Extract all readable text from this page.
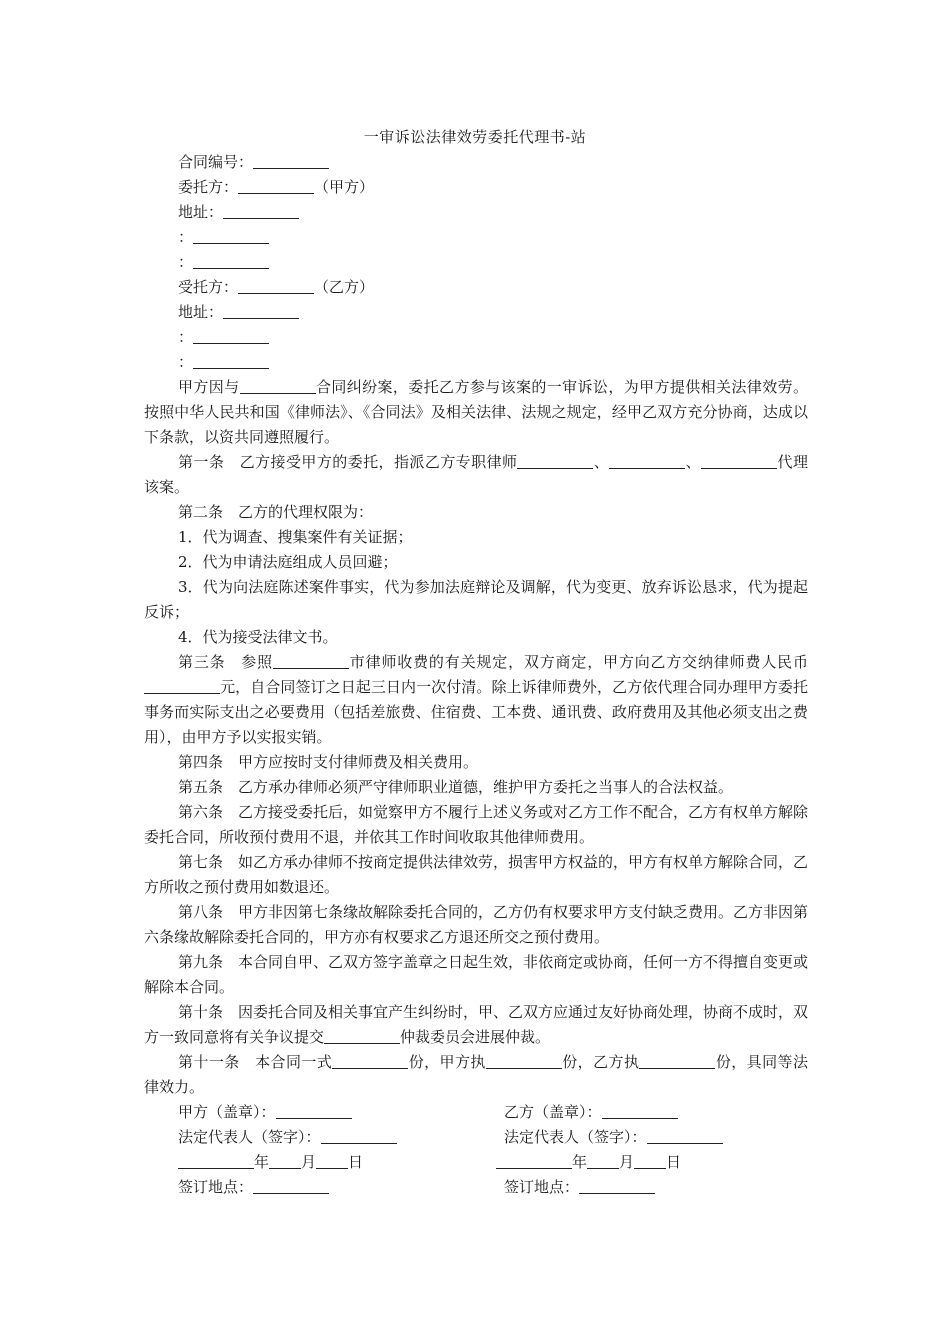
一审诉讼法律效劳委托代理书-站
合同编号：
委托方：	（甲方）
地址：
：
：
受托方：	（乙方）
地址：
：
：
甲方因与	合同纠纷案，委托乙方参与该案的一审诉讼，为甲方提供相关法律效劳。按照中华人民共和国《律师法》、《合同法》及相关法律、法规之规定，经甲乙双方充分协商，达成以下条款，以资共同遵照履行。
第一条　乙方接受甲方的委托，指派乙方专职律师	、	、	代理该案。
第二条　乙方的代理权限为：
1．代为调查、搜集案件有关证据；
2．代为申请法庭组成人员回避；
3．代为向法庭陈述案件事实，代为参加法庭辩论及调解，代为变更、放弃诉讼恳求，代为提起反诉；
4．代为接受法律文书。
第三条　参照	市律师收费的有关规定，双方商定，甲方向乙方交纳律师费人民币元，自合同签订之日起三日内一次付清。除上诉律师费外，乙方依代理合同办理甲方委托事务而实际支出之必要费用（包括差旅费、住宿费、工本费、通讯费、政府费用及其他必须支出之费用），由甲方予以实报实销。
第四条　甲方应按时支付律师费及相关费用。
第五条　乙方承办律师必须严守律师职业道德，维护甲方委托之当事人的合法权益。
第六条　乙方接受委托后，如觉察甲方不履行上述义务或对乙方工作不配合，乙方有权单方解除委托合同，所收预付费用不退，并依其工作时间收取其他律师费用。
第七条　如乙方承办律师不按商定提供法律效劳，损害甲方权益的，甲方有权单方解除合同，乙方所收之预付费用如数退还。
第八条　甲方非因第七条缘故解除委托合同的，乙方仍有权要求甲方支付缺乏费用。乙方非因第六条缘故解除委托合同的，甲方亦有权要求乙方退还所交之预付费用。
第九条　本合同自甲、乙双方签字盖章之日起生效，非依商定或协商，任何一方不得擅自变更或解除本合同。
第十条　因委托合同及相关事宜产生纠纷时，甲、乙双方应通过友好协商处理，协商不成时，双方一致同意将有关争议提交	仲裁委员会进展仲裁。
第十一条　本合同一式	份，甲方执	份，乙方执	份，具同等法律效力。
甲方（盖章）：	乙方（盖章）：
法定代表人（签字）：	法定代表人（签字）：
年 月 日	年 月 日
签订地点：	签订地点：
